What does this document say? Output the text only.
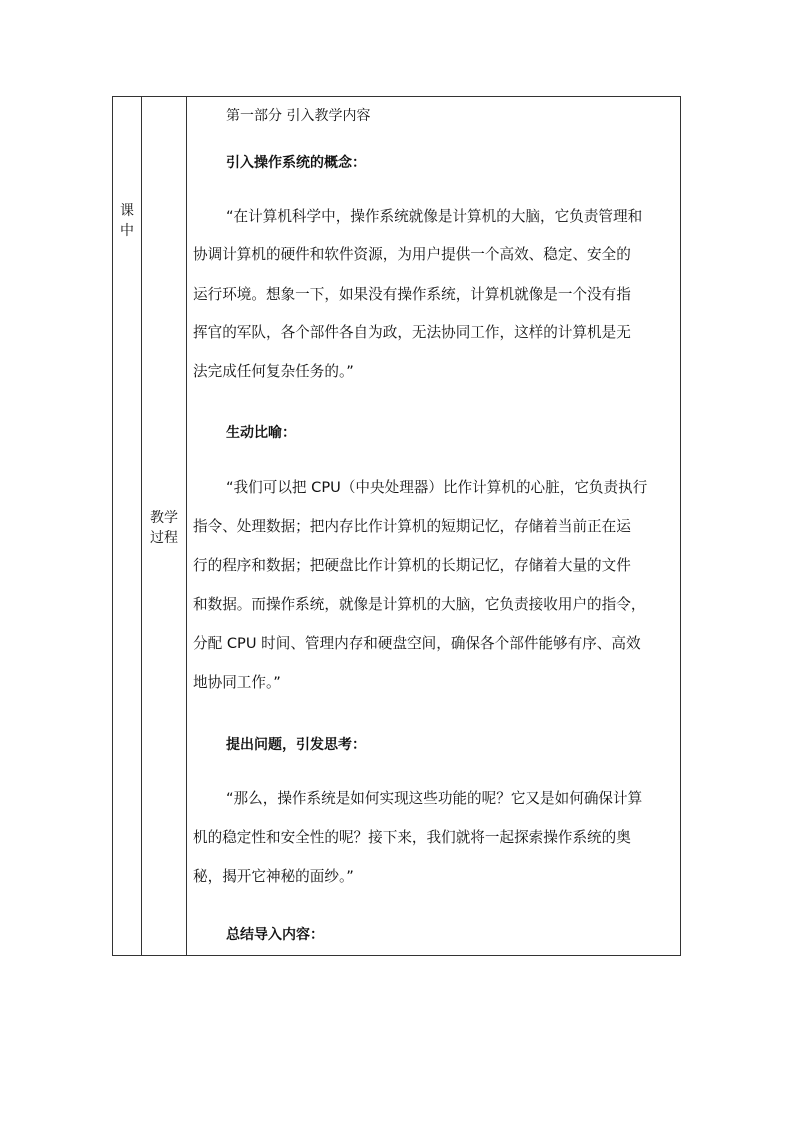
课
中
教学
过程
第一部分 引入教学内容
引入操作系统的概念：
“在计算机科学中，操作系统就像是计算机的大脑，它负责管理和
协调计算机的硬件和软件资源，为用户提供一个高效、稳定、安全的
运行环境。想象一下，如果没有操作系统，计算机就像是一个没有指
挥官的军队，各个部件各自为政，无法协同工作，这样的计算机是无
法完成任何复杂任务的。”
生动比喻：
“我们可以把 CPU（中央处理器）比作计算机的心脏，它负责执行
指令、处理数据；把内存比作计算机的短期记忆，存储着当前正在运
行的程序和数据；把硬盘比作计算机的长期记忆，存储着大量的文件
和数据。而操作系统，就像是计算机的大脑，它负责接收用户的指令，
分配 CPU 时间、管理内存和硬盘空间，确保各个部件能够有序、高效
地协同工作。”
提出问题，引发思考：
“那么，操作系统是如何实现这些功能的呢？它又是如何确保计算
机的稳定性和安全性的呢？接下来，我们就将一起探索操作系统的奥
秘，揭开它神秘的面纱。”
总结导入内容：
